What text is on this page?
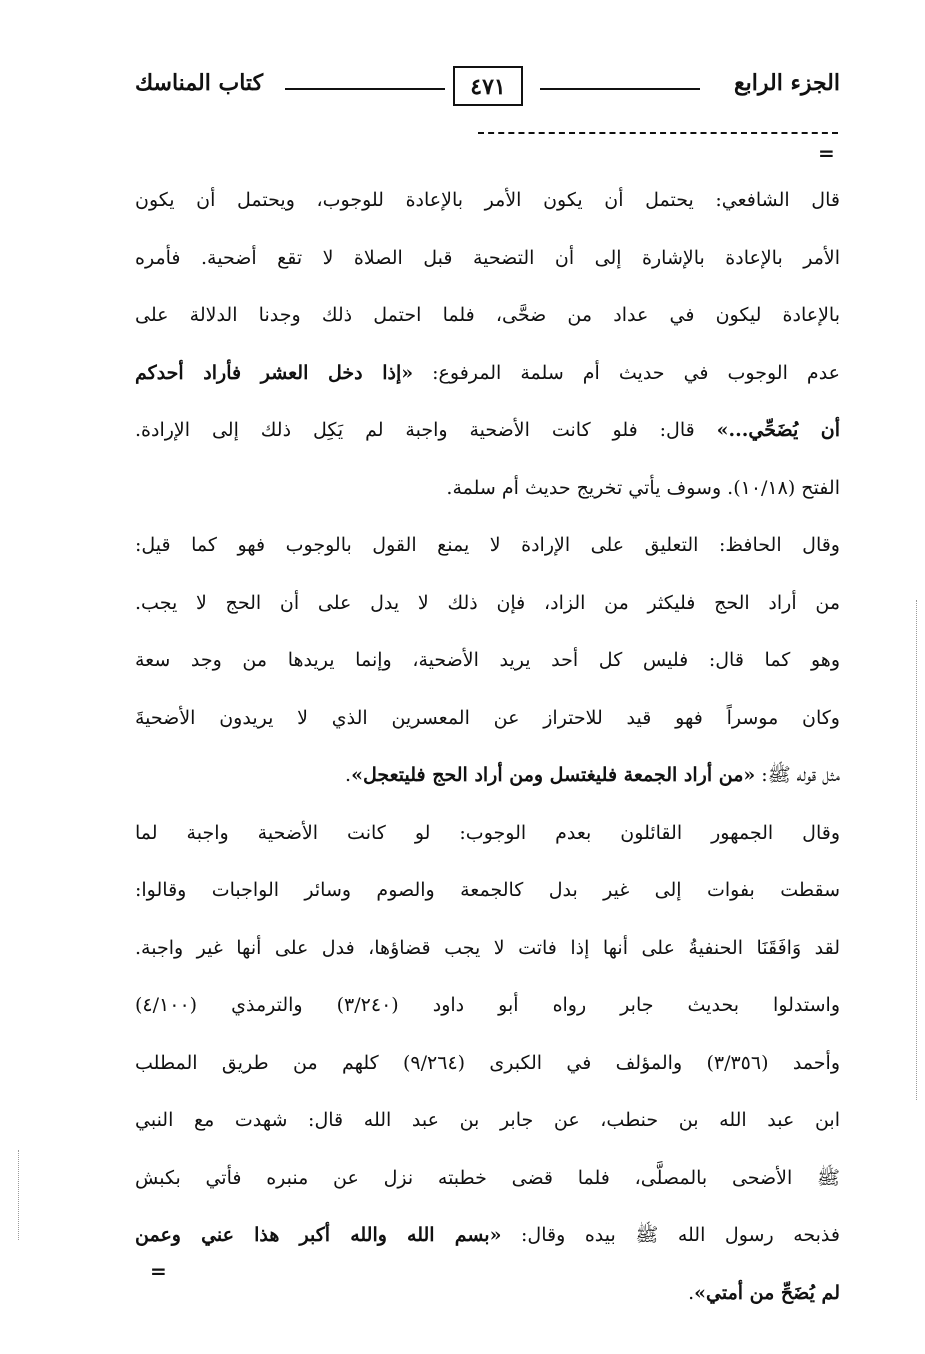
الجزء الرابع
٤٧١
كتاب المناسك
=
قال الشافعي: يحتمل أن يكون الأمر بالإعادة للوجوب، ويحتمل أن يكون
الأمر بالإعادة بالإشارة إلى أن التضحية قبل الصلاة لا تقع أضحية. فأمره
بالإعادة ليكون في عداد من ضحَّى، فلما احتمل ذلك وجدنا الدلالة على
عدم الوجوب في حديث أم سلمة المرفوع: «إذا دخل العشر فأراد أحدكم
أن يُضَحِّي...» قال: فلو كانت الأضحية واجبة لم يَكِل ذلك إلى الإرادة.
الفتح (١٠/١٨). وسوف يأتي تخريج حديث أم سلمة.
وقال الحافظ: التعليق على الإرادة لا يمنع القول بالوجوب فهو كما قيل:
من أراد الحج فليكثر من الزاد، فإن ذلك لا يدل على أن الحج لا يجب.
وهو كما قال: فليس كل أحد يريد الأضحية، وإنما يريدها من وجد سعة
وكان موسراً فهو قيد للاحتراز عن المعسرين الذي لا يريدون الأضحيةَ
مثل قوله ﷺ: «من أراد الجمعة فليغتسل ومن أراد الحج فليتعجل».
وقال الجمهور القائلون بعدم الوجوب: لو كانت الأضحية واجبة لما
سقطت بفوات إلى غير بدل كالجمعة والصوم وسائر الواجبات وقالوا:
لقد وَافَقَنَا الحنفيةُ على أنها إذا فاتت لا يجب قضاؤها، فدل على أنها غير واجبة.
واستدلوا بحديث جابر رواه أبو داود (٣/٢٤٠) والترمذي (٤/١٠٠)
وأحمد (٣/٣٥٦) والمؤلف في الكبرى (٩/٢٦٤) كلهم من طريق المطلب
ابن عبد الله بن حنطب، عن جابر بن عبد الله قال: شهدت مع النبي
ﷺ الأضحى بالمصلَّى، فلما قضى خطبته نزل عن منبره فأتي بكبش
فذبحه رسول الله ﷺ بيده وقال: «بسم الله والله أكبر هذا عني وعمن
لم يُضَحِّ من أمتي».
=
